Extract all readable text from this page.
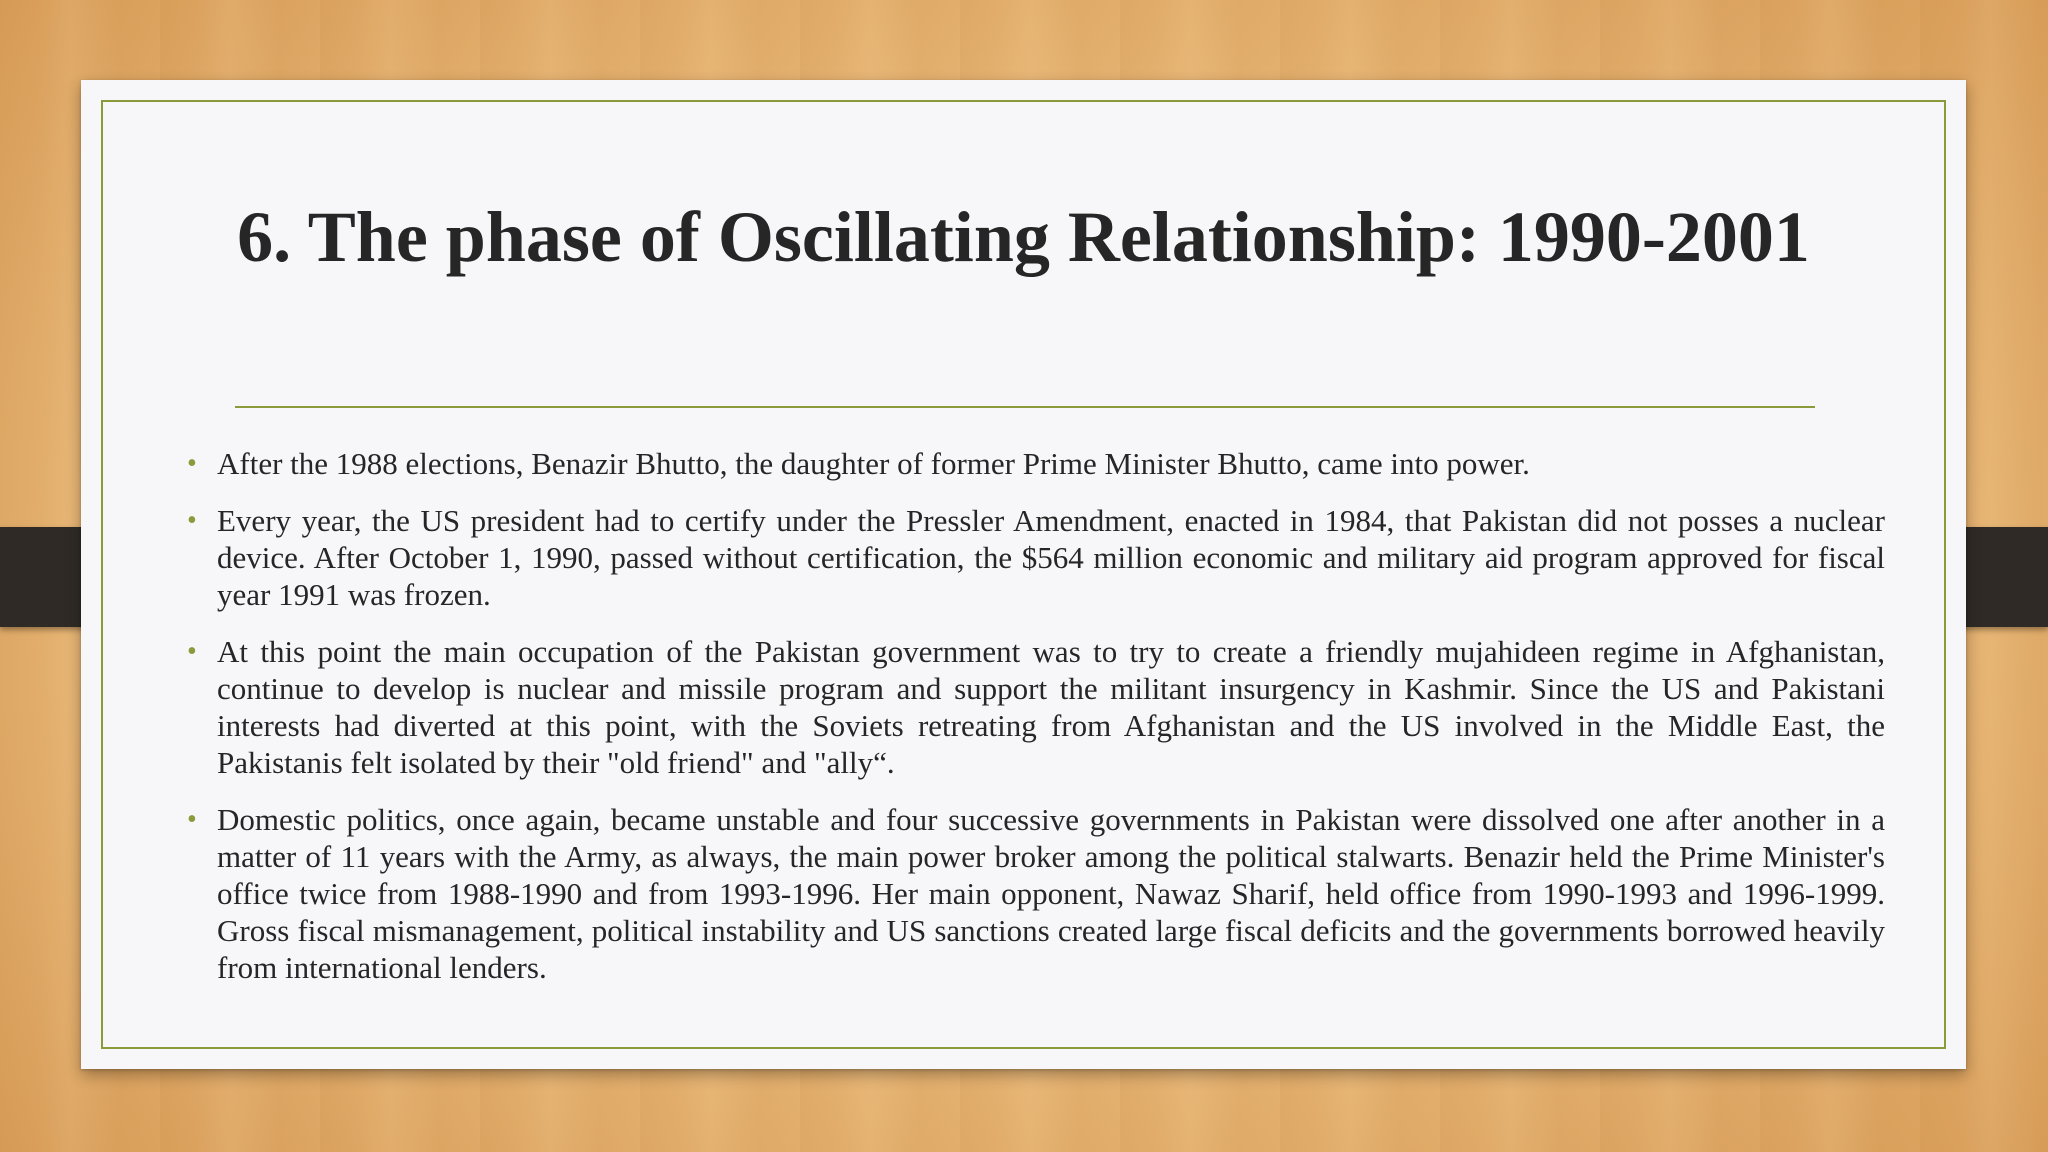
6. The phase of Oscillating Relationship: 1990-2001
• After the 1988 elections, Benazir Bhutto, the daughter of former Prime Minister Bhutto, came into power.
• Every year, the US president had to certify under the Pressler Amendment, enacted in 1984, that Pakistan did not posses a nuclear device. After October 1, 1990, passed without certification, the $564 million economic and military aid program approved for fiscal year 1991 was frozen.
• At this point the main occupation of the Pakistan government was to try to create a friendly mujahideen regime in Afghanistan, continue to develop is nuclear and missile program and support the militant insurgency in Kashmir. Since the US and Pakistani interests had diverted at this point, with the Soviets retreating from Afghanistan and the US involved in the Middle East, the Pakistanis felt isolated by their "old friend" and "ally“.
• Domestic politics, once again, became unstable and four successive governments in Pakistan were dissolved one after another in a matter of 11 years with the Army, as always, the main power broker among the political stalwarts. Benazir held the Prime Minister's office twice from 1988-1990 and from 1993-1996. Her main opponent, Nawaz Sharif, held office from 1990-1993 and 1996-1999. Gross fiscal mismanagement, political instability and US sanctions created large fiscal deficits and the governments borrowed heavily from international lenders.
